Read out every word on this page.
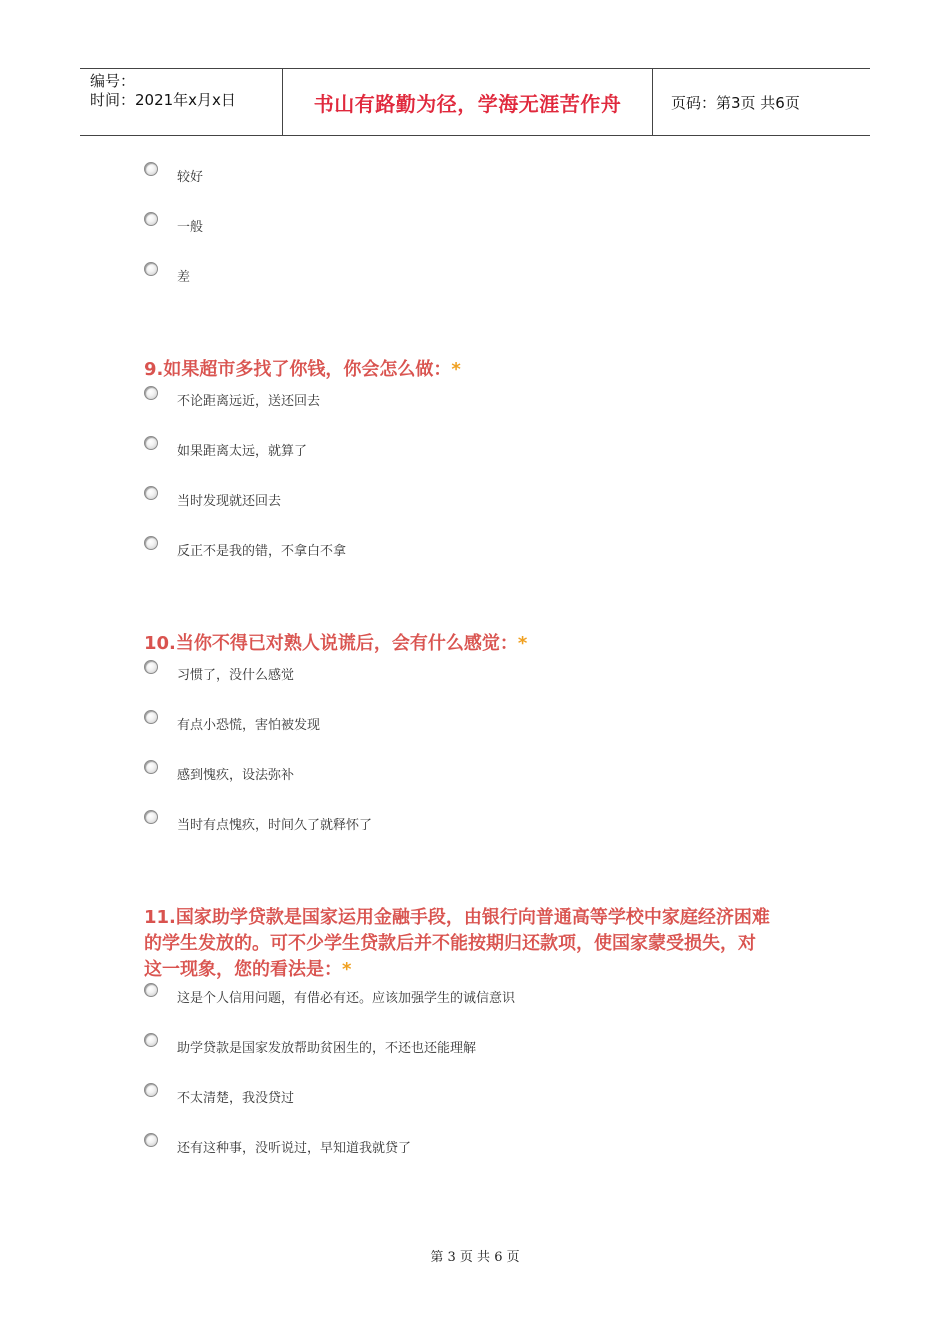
编号：
时间：2021年x月x日	书山有路勤为径，学海无涯苦作舟	页码：第3页 共6页
较好
一般
差
9.如果超市多找了你钱，你会怎么做：*
不论距离远近，送还回去
如果距离太远，就算了
当时发现就还回去
反正不是我的错，不拿白不拿
10.当你不得已对熟人说谎后，会有什么感觉：*
习惯了，没什么感觉
有点小恐慌，害怕被发现
感到愧疚，设法弥补
当时有点愧疚，时间久了就释怀了
11.国家助学贷款是国家运用金融手段，由银行向普通高等学校中家庭经济困难
的学生发放的。可不少学生贷款后并不能按期归还款项，使国家蒙受损失，对
这一现象，您的看法是：*
这是个人信用问题，有借必有还。应该加强学生的诚信意识
助学贷款是国家发放帮助贫困生的，不还也还能理解
不太清楚，我没贷过
还有这种事，没听说过，早知道我就贷了
第 3 页 共 6 页
